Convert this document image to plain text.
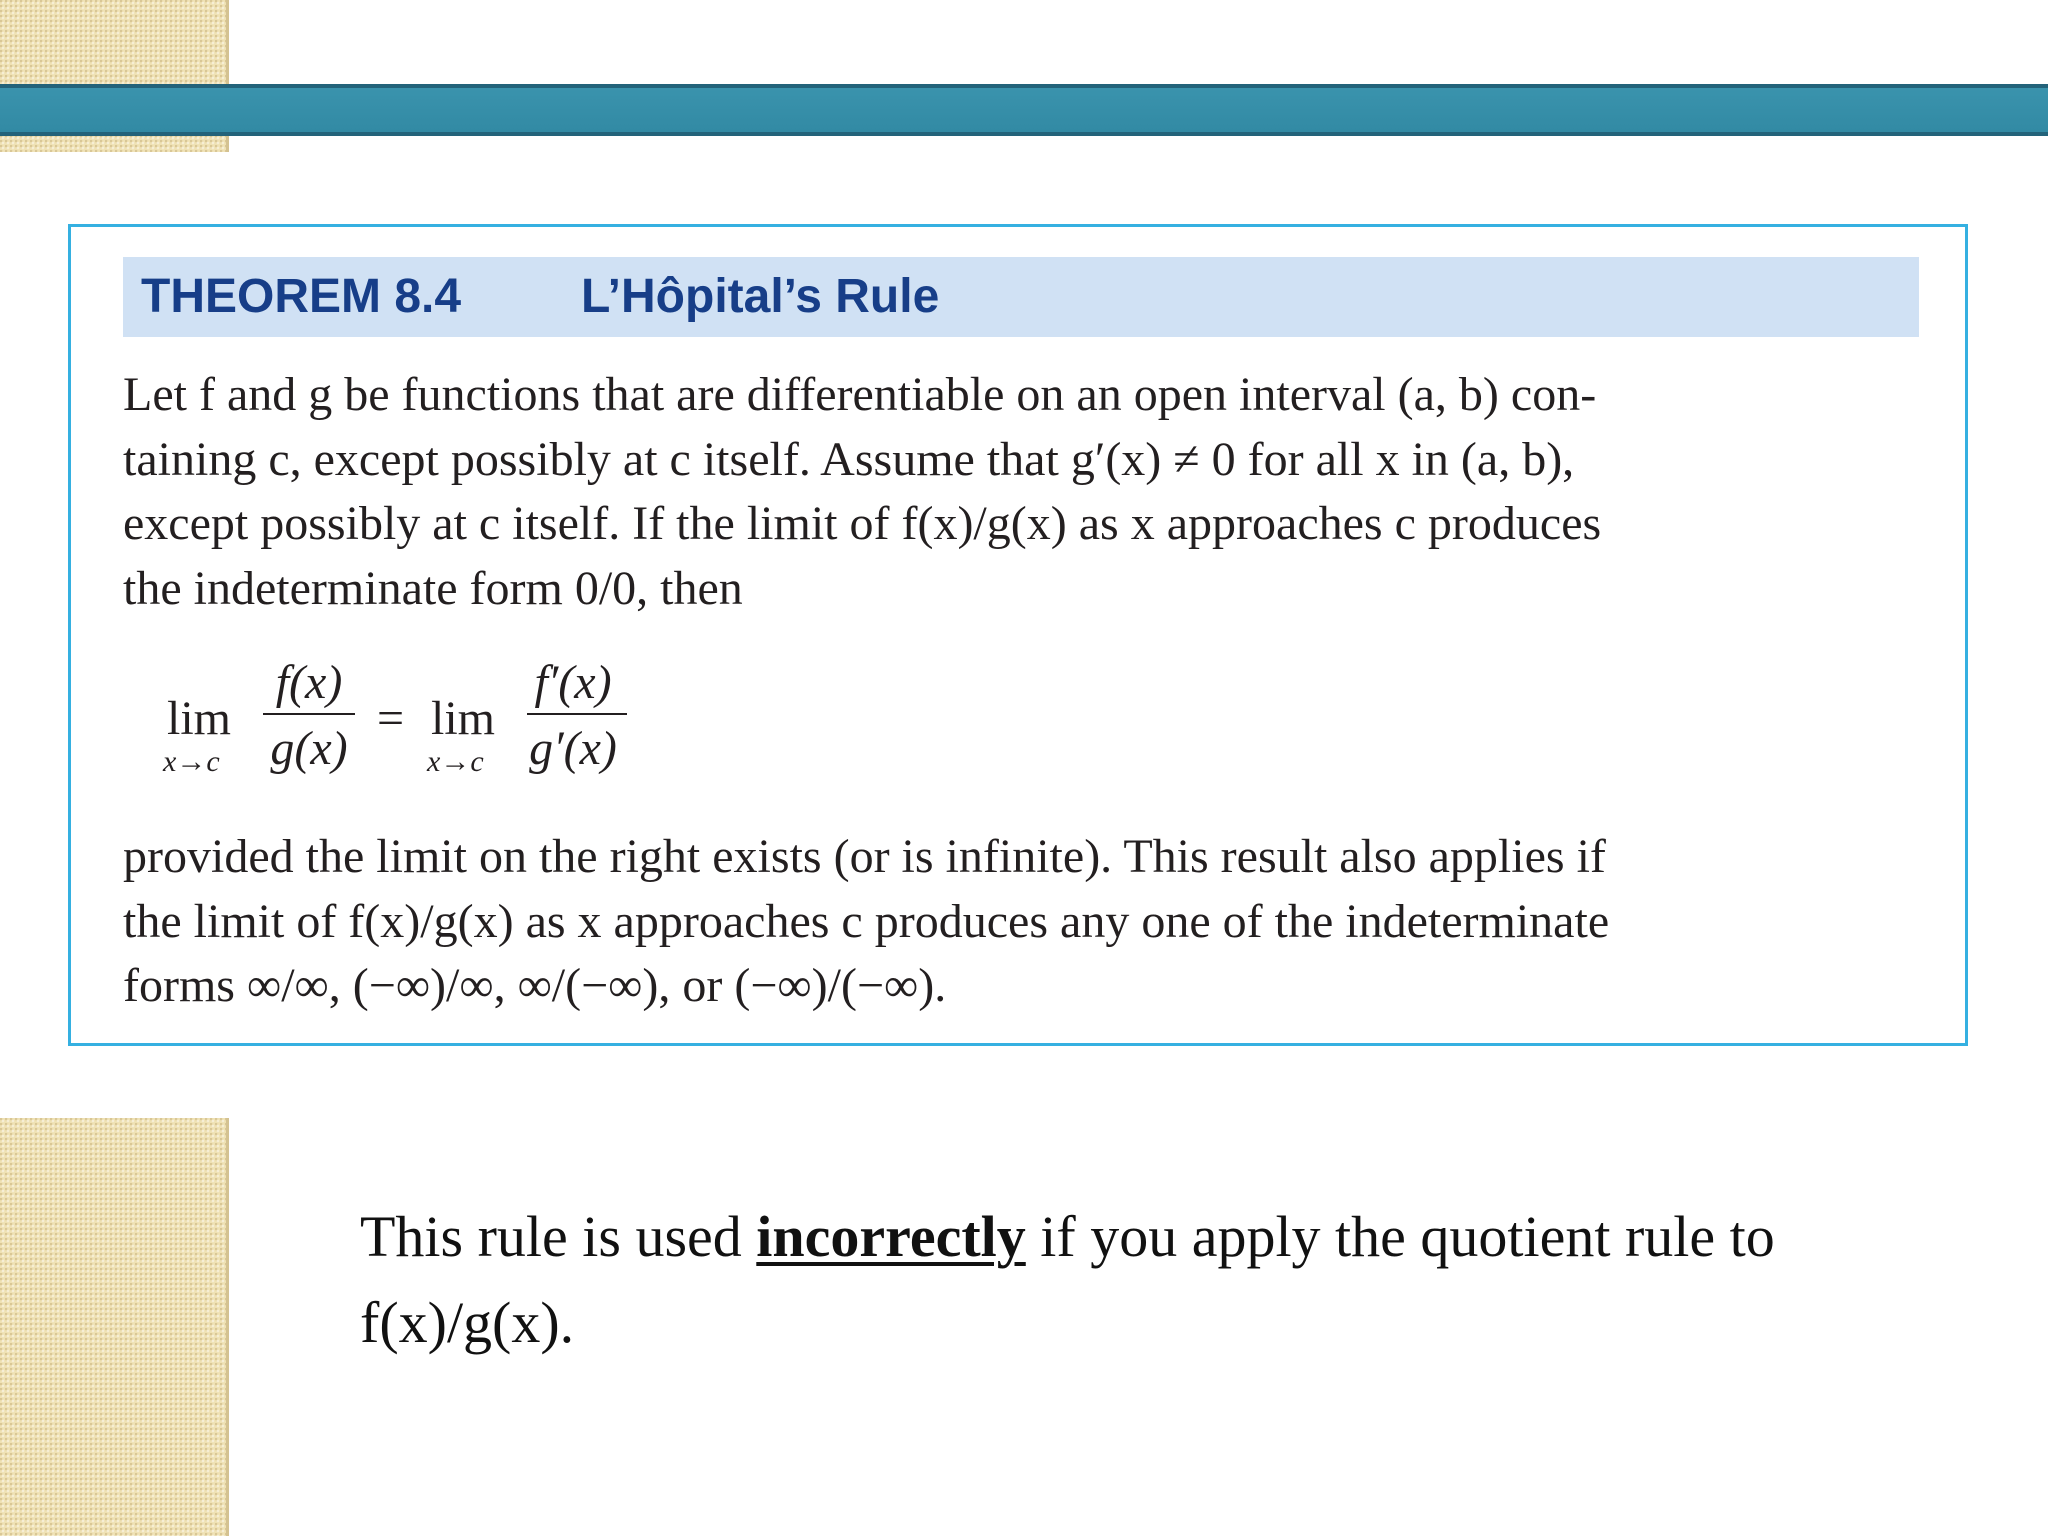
THEOREM 8.4 L’Hôpital’s Rule
Let f and g be functions that are differentiable on an open interval (a, b) con-
taining c, except possibly at c itself. Assume that g′(x) ≠ 0 for all x in (a, b),
except possibly at c itself. If the limit of f(x)/g(x) as x approaches c produces
the indeterminate form 0/0, then
lim
x→c
f(x)
g(x)
= lim
x→c
f′(x)
g′(x)
provided the limit on the right exists (or is infinite). This result also applies if
the limit of f(x)/g(x) as x approaches c produces any one of the indeterminate
forms ∞/∞, (−∞)/∞, ∞/(−∞), or (−∞)/(−∞).
This rule is used incorrectly if you apply the quotient rule to f(x)/g(x).
